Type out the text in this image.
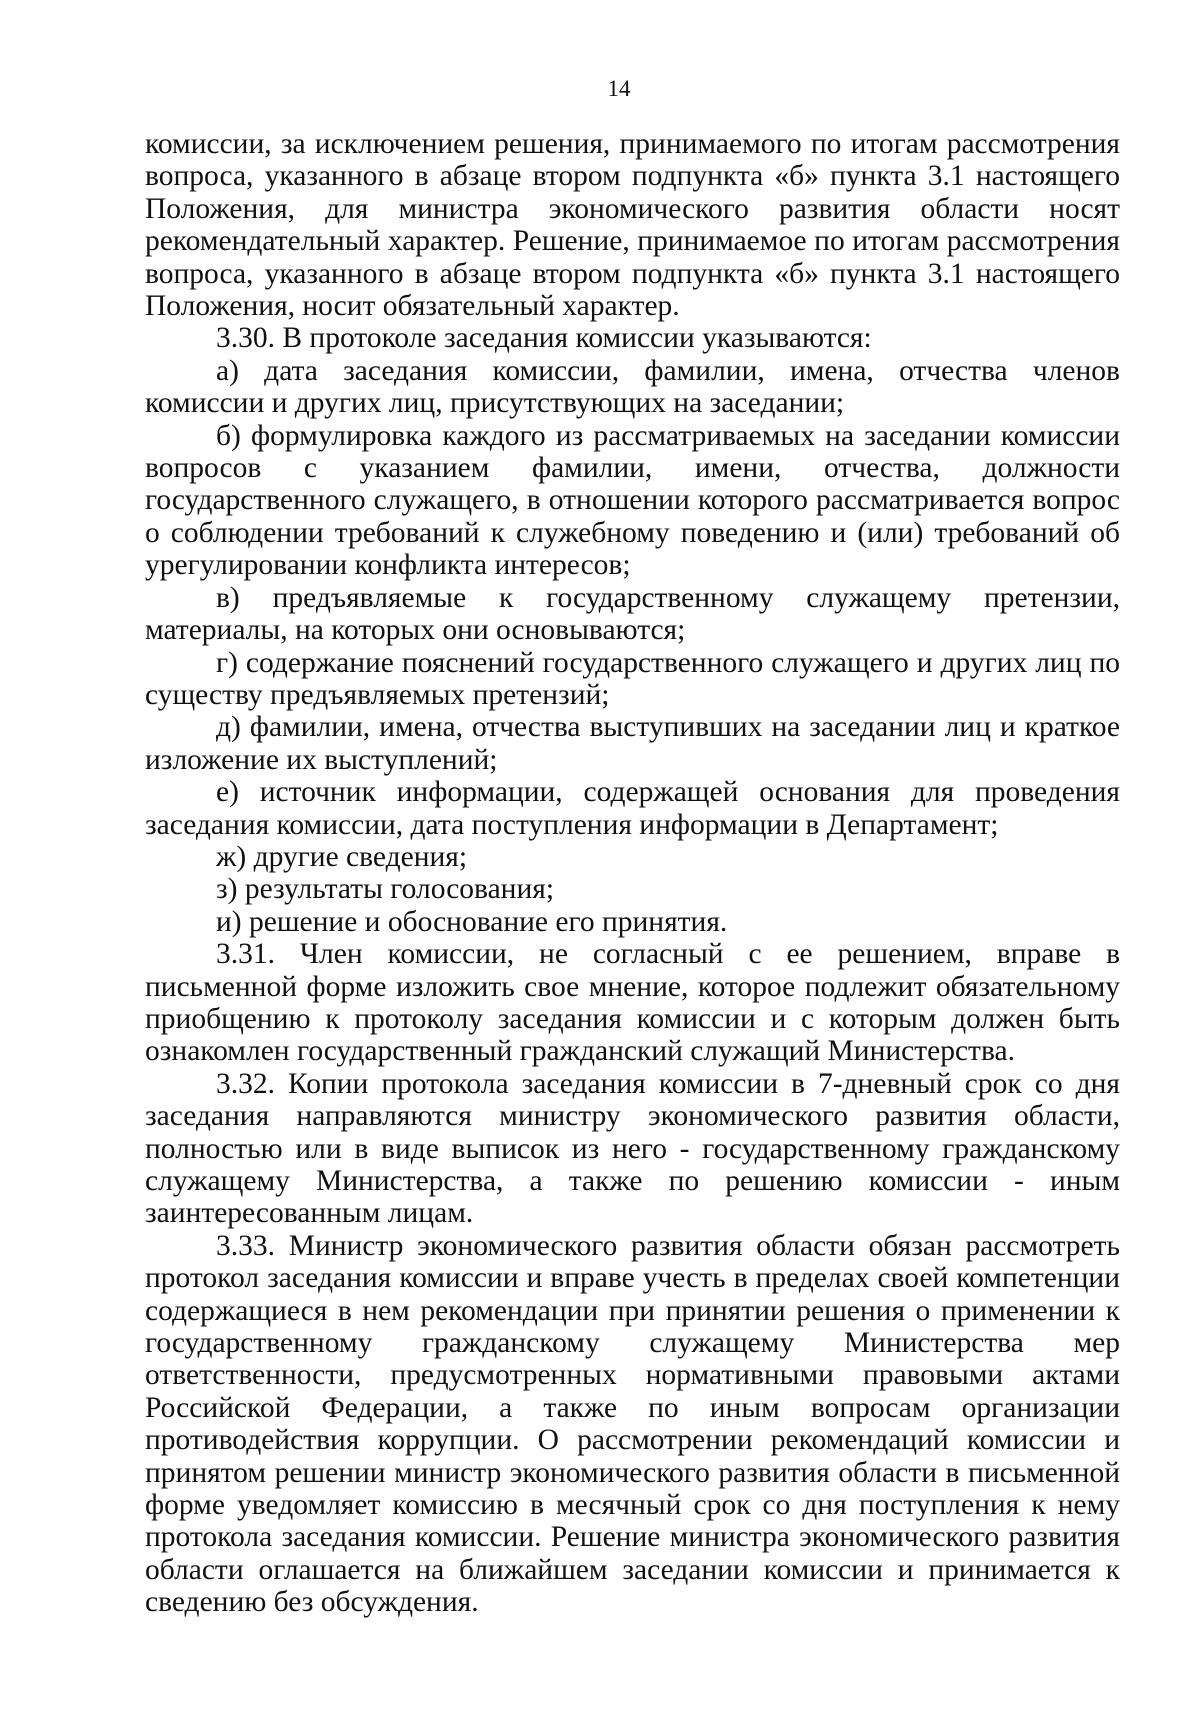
14

комиссии, за исключением решения, принимаемого по итогам рассмотрения вопроса, указанного в абзаце втором подпункта «б» пункта 3.1 настоящего Положения, для министра экономического развития области носят рекомендательный характер. Решение, принимаемое по итогам рассмотрения вопроса, указанного в абзаце втором подпункта «б» пункта 3.1 настоящего Положения, носит обязательный характер.

3.30. В протоколе заседания комиссии указываются:

а) дата заседания комиссии, фамилии, имена, отчества членов комиссии и других лиц, присутствующих на заседании;

б) формулировка каждого из рассматриваемых на заседании комиссии вопросов с указанием фамилии, имени, отчества, должности государственного служащего, в отношении которого рассматривается вопрос о соблюдении требований к служебному поведению и (или) требований об урегулировании конфликта интересов;

в) предъявляемые к государственному служащему претензии, материалы, на которых они основываются;

г) содержание пояснений государственного служащего и других лиц по существу предъявляемых претензий;

д) фамилии, имена, отчества выступивших на заседании лиц и краткое изложение их выступлений;

е) источник информации, содержащей основания для проведения заседания комиссии, дата поступления информации в Департамент;

ж) другие сведения;

з) результаты голосования;

и) решение и обоснование его принятия.

3.31. Член комиссии, не согласный с ее решением, вправе в письменной форме изложить свое мнение, которое подлежит обязательному приобщению к протоколу заседания комиссии и с которым должен быть ознакомлен государственный гражданский служащий Министерства.

3.32. Копии протокола заседания комиссии в 7-дневный срок со дня заседания направляются министру экономического развития области, полностью или в виде выписок из него - государственному гражданскому служащему Министерства, а также по решению комиссии - иным заинтересованным лицам.

3.33. Министр экономического развития области обязан рассмотреть протокол заседания комиссии и вправе учесть в пределах своей компетенции содержащиеся в нем рекомендации при принятии решения о применении к государственному гражданскому служащему Министерства мер ответственности, предусмотренных нормативными правовыми актами Российской Федерации, а также по иным вопросам организации противодействия коррупции. О рассмотрении рекомендаций комиссии и принятом решении министр экономического развития области в письменной форме уведомляет комиссию в месячный срок со дня поступления к нему протокола заседания комиссии. Решение министра экономического развития области оглашается на ближайшем заседании комиссии и принимается к сведению без обсуждения.
